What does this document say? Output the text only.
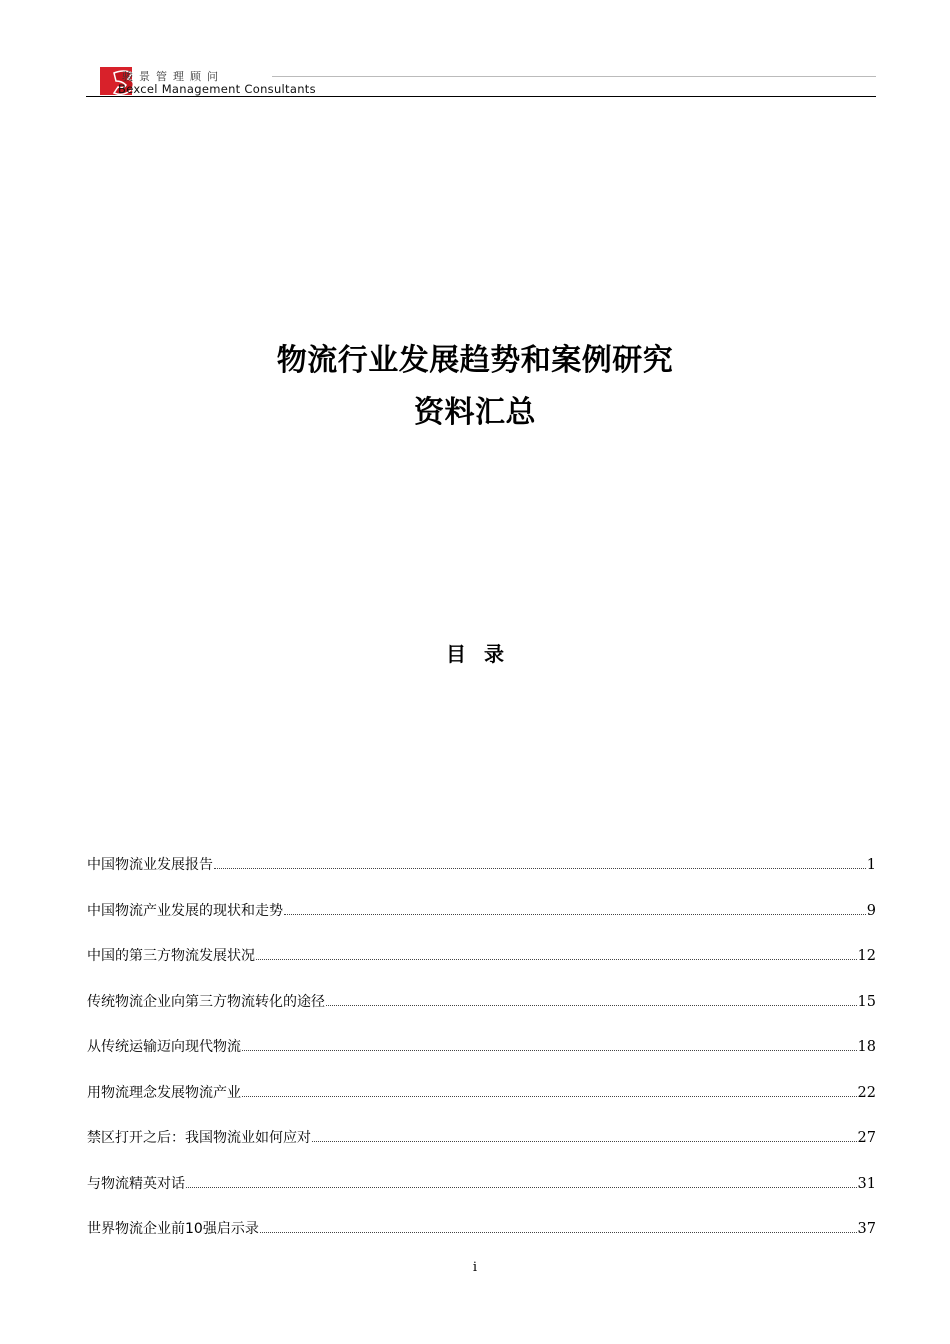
骏景管理顾问
Bexcel Management Consultants
物流行业发展趋势和案例研究
资料汇总
目录
中国物流业发展报告	1
中国物流产业发展的现状和走势	9
中国的第三方物流发展状况	12
传统物流企业向第三方物流转化的途径	15
从传统运输迈向现代物流	18
用物流理念发展物流产业	22
禁区打开之后：我国物流业如何应对	27
与物流精英对话	31
世界物流企业前10强启示录	37
i
